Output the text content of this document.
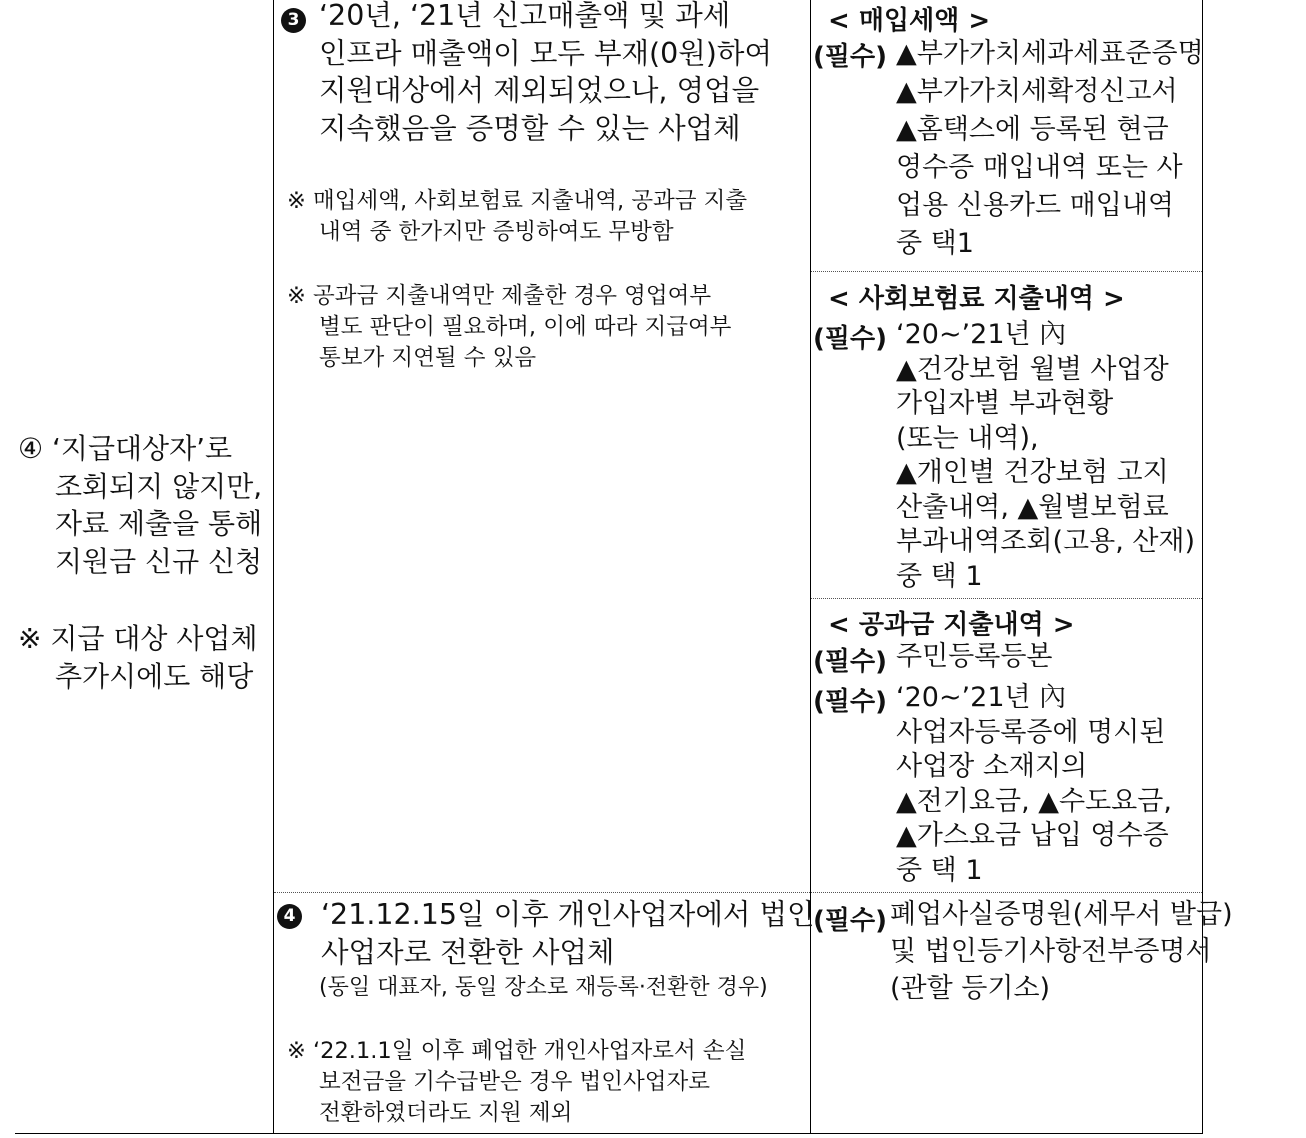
④ ‘지급대상자’로
조회되지 않지만,
자료 제출을 통해
지원금 신규 신청

※ 지급 대상 사업체
추가시에도 해당

3 ‘20년, ‘21년 신고매출액 및 과세
인프라 매출액이 모두 부재(0원)하여
지원대상에서 제외되었으나, 영업을
지속했음을 증명할 수 있는 사업체

※ 매입세액, 사회보험료 지출내역, 공과금 지출
내역 중 한가지만 증빙하여도 무방함

※ 공과금 지출내역만 제출한 경우 영업여부
별도 판단이 필요하며, 이에 따라 지급여부
통보가 지연될 수 있음

4 ‘21.12.15일 이후 개인사업자에서 법인
사업자로 전환한 사업체

(동일 대표자, 동일 장소로 재등록·전환한 경우)

※ ‘22.1.1일 이후 폐업한 개인사업자로서 손실
보전금을 기수급받은 경우 법인사업자로
전환하였더라도 지원 제외

< 매입세액 >

(필수) ▲부가가치세과세표준증명
▲부가가치세확정신고서
▲홈택스에 등록된 현금
영수증 매입내역 또는 사
업용 신용카드 매입내역
중 택1

< 사회보험료 지출내역 >

(필수) ‘20~’21년 內
▲건강보험 월별 사업장
가입자별 부과현황
(또는 내역),
▲개인별 건강보험 고지
산출내역, ▲월별보험료
부과내역조회(고용, 산재)
중 택 1

< 공과금 지출내역 >

(필수) 주민등록등본

(필수) ‘20~’21년 內
사업자등록증에 명시된
사업장 소재지의
▲전기요금, ▲수도요금,
▲가스요금 납입 영수증
중 택 1

(필수) 폐업사실증명원(세무서 발급)
및 법인등기사항전부증명서
(관할 등기소)
